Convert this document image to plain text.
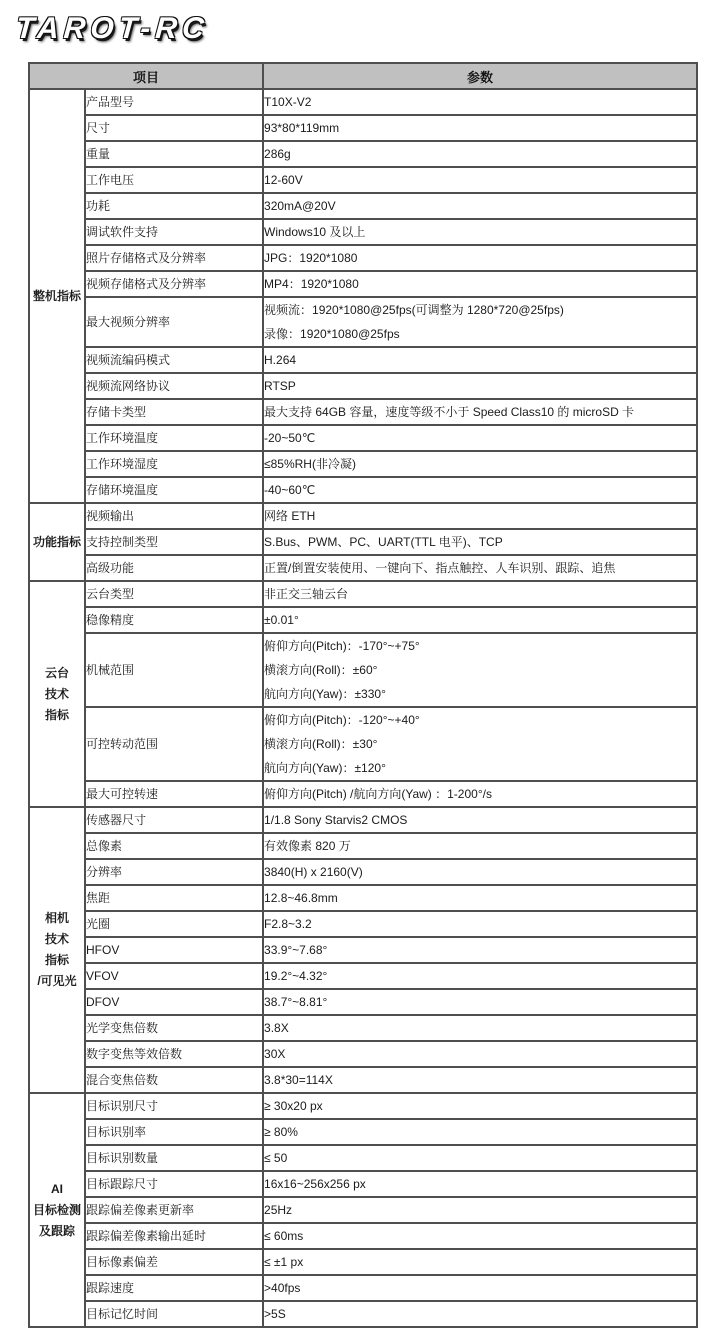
TAROT-RC
项目		参数

整机指标	产品型号	T10X-V2

	尺寸	93*80*119mm

	重量	286g

	工作电压	12-60V

	功耗	320mA@20V

	调试软件支持	Windows10 及以上

	照片存储格式及分辨率	JPG：1920*1080

	视频存储格式及分辨率	MP4：1920*1080

	最大视频分辨率	视频流：1920*1080@25fps(可调整为 1280*720@25fps)
录像：1920*1080@25fps

	视频流编码模式	H.264

	视频流网络协议	RTSP

	存储卡类型	最大支持 64GB 容量，速度等级不小于 Speed Class10 的 microSD 卡

	工作环境温度	-20~50℃

	工作环境湿度	≤85%RH(非冷凝)

	存储环境温度	-40~60℃

功能指标	视频输出	网络 ETH

	支持控制类型	S.Bus、PWM、PC、UART(TTL 电平)、TCP

	高级功能	正置/倒置安装使用、一键向下、指点触控、人车识别、跟踪、追焦

云台
技术
指标	云台类型	非正交三轴云台

	稳像精度	±0.01°

	机械范围	俯仰方向(Pitch)：-170°~+75°
横滚方向(Roll)：±60°
航向方向(Yaw)：±330°

	可控转动范围	俯仰方向(Pitch)：-120°~+40°
横滚方向(Roll)：±30°
航向方向(Yaw)：±120°

	最大可控转速	俯仰方向(Pitch) /航向方向(Yaw) ：1-200°/s

相机
技术
指标
/可见光	传感器尺寸	1/1.8 Sony Starvis2 CMOS

	总像素	有效像素 820 万

	分辨率	3840(H) x 2160(V)

	焦距	12.8~46.8mm

	光圈	F2.8~3.2

	HFOV	33.9°~7.68°

	VFOV	19.2°~4.32°

	DFOV	38.7°~8.81°

	光学变焦倍数	3.8X

	数字变焦等效倍数	30X

	混合变焦倍数	3.8*30=114X

AI
目标检测
及跟踪	目标识别尺寸	≥ 30x20 px

	目标识别率	≥ 80%

	目标识别数量	≤ 50

	目标跟踪尺寸	16x16~256x256 px

	跟踪偏差像素更新率	25Hz

	跟踪偏差像素输出延时	≤ 60ms

	目标像素偏差	≤ ±1 px

	跟踪速度	>40fps

	目标记忆时间	>5S
